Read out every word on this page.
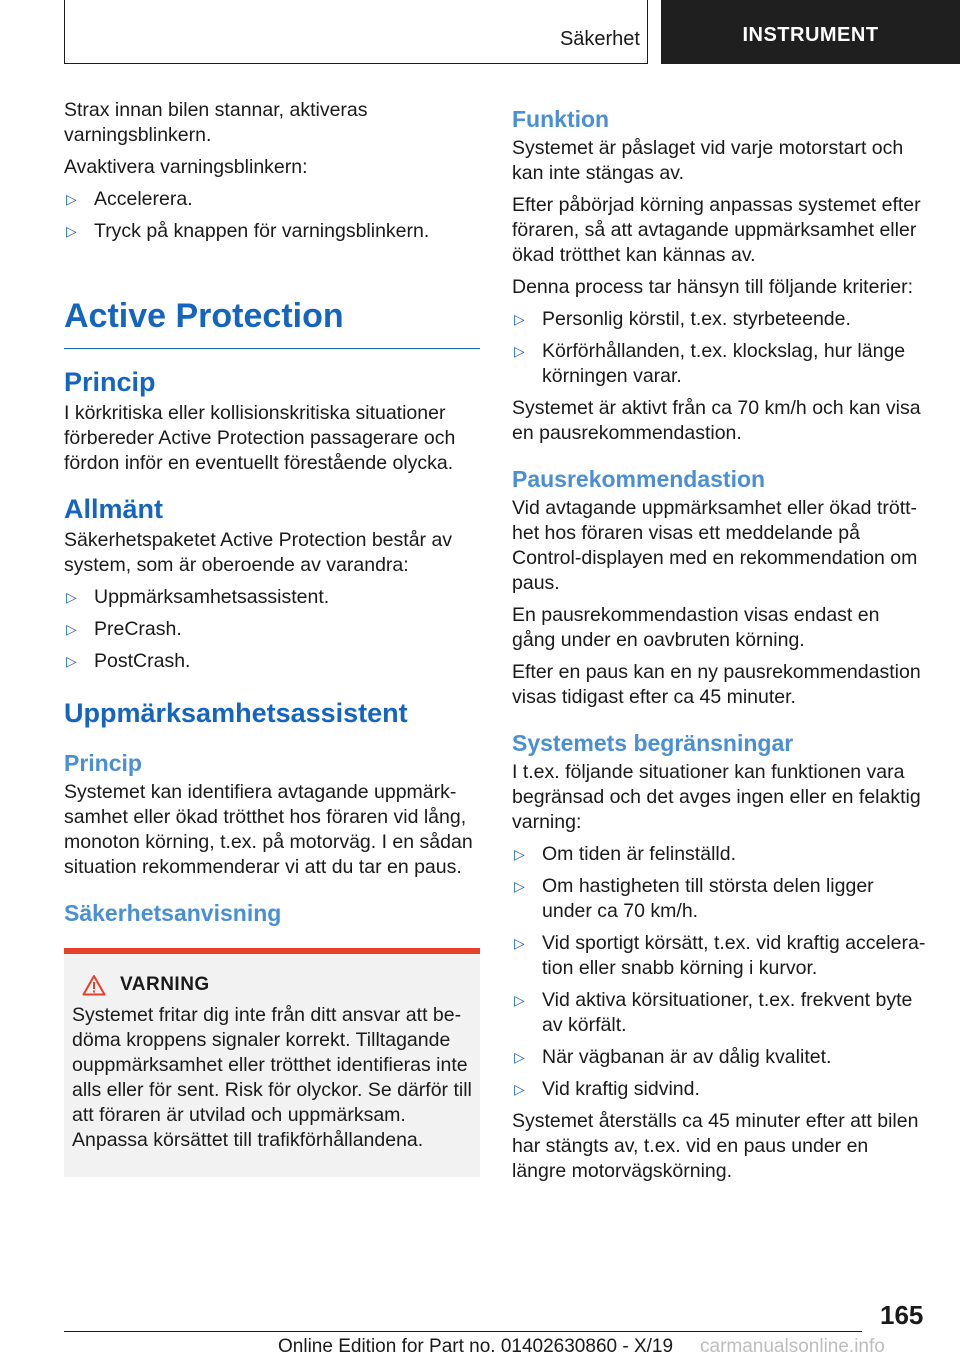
Säkerhet	INSTRUMENT

Strax innan bilen stannar, aktiveras varningsblinkern.

Avaktivera varningsblinkern:

▷ Accelerera.
▷ Tryck på knappen för varningsblinkern.
Active Protection
Princip

I körkritiska eller kollisionskritiska situationer förbereder Active Protection passagerare och fördon inför en eventuellt förestående olycka.

Allmänt

Säkerhetspaketet Active Protection består av system, som är oberoende av varandra:

▷ Uppmärksamhetsassistent.
▷ PreCrash.
▷ PostCrash.
Uppmärksamhetsassistent
Princip

Systemet kan identifiera avtagande uppmärksamhet eller ökad trötthet hos föraren vid lång, monoton körning, t.ex. på motorväg. I en sådan situation rekommenderar vi att du tar en paus.

Säkerhetsanvisning
VARNING

Systemet fritar dig inte från ditt ansvar att bedöma kroppens signaler korrekt. Tilltagande ouppmärksamhet eller trötthet identifieras inte alls eller för sent. Risk för olyckor. Se därför till att föraren är utvilad och uppmärksam. Anpassa körsättet till trafikförhållandena.

Funktion

Systemet är påslaget vid varje motorstart och kan inte stängas av.

Efter påbörjad körning anpassas systemet efter föraren, så att avtagande uppmärksamhet eller ökad trötthet kan kännas av.

Denna process tar hänsyn till följande kriterier:

▷ Personlig körstil, t.ex. styrbeteende.
▷ Körförhållanden, t.ex. klockslag, hur länge körningen varar.

Systemet är aktivt från ca 70 km/h och kan visa en pausrekommendastion.

Pausrekommendastion

Vid avtagande uppmärksamhet eller ökad trötthet hos föraren visas ett meddelande på Control-displayen med en rekommendation om paus.

En pausrekommendastion visas endast en gång under en oavbruten körning.

Efter en paus kan en ny pausrekommendastion visas tidigast efter ca 45 minuter.

Systemets begränsningar

I t.ex. följande situationer kan funktionen vara begränsad och det avges ingen eller en felaktig varning:

▷ Om tiden är felinställd.
▷ Om hastigheten till största delen ligger under ca 70 km/h.
▷ Vid sportigt körsätt, t.ex. vid kraftig acceleration eller snabb körning i kurvor.
▷ Vid aktiva körsituationer, t.ex. frekvent byte av körfält.
▷ När vägbanan är av dålig kvalitet.
▷ Vid kraftig sidvind.

Systemet återställs ca 45 minuter efter att bilen har stängts av, t.ex. vid en paus under en längre motorvägskörning.

165
Online Edition for Part no. 01402630860 - X/19 carmanualsonline.info
